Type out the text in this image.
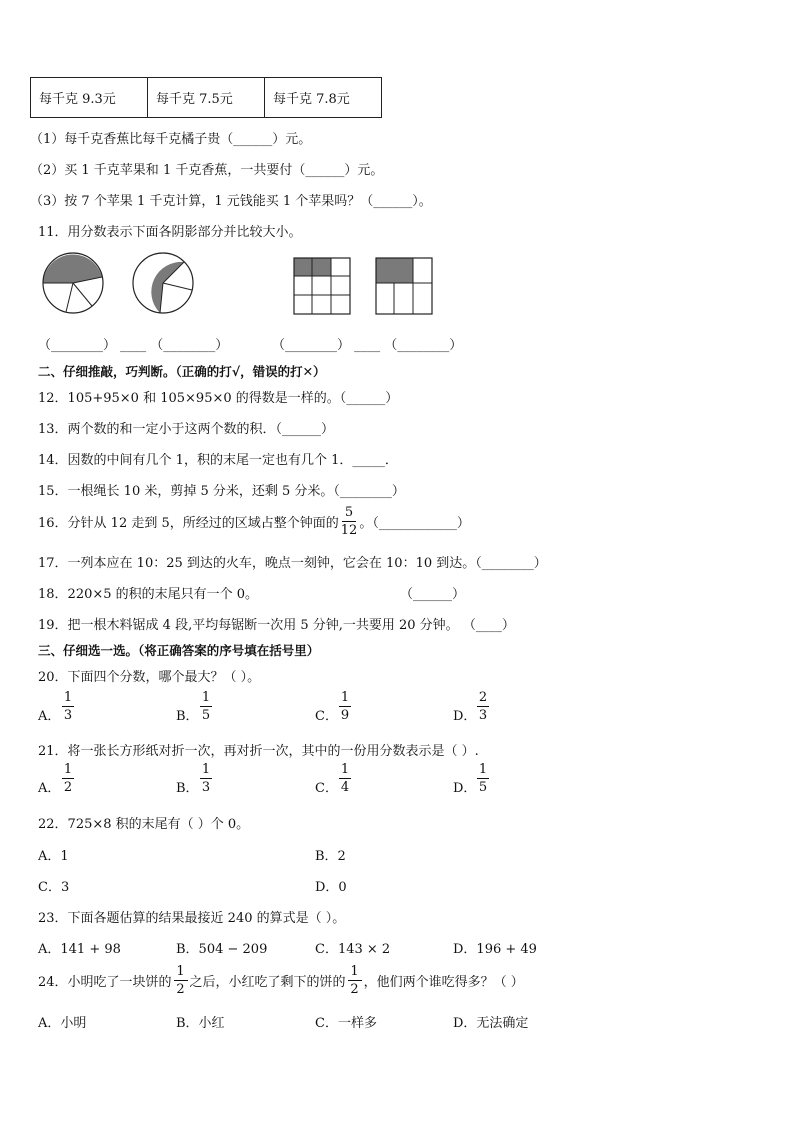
每千克 9.3元	每千克 7.5元	每千克 7.8元
（1）每千克香蕉比每千克橘子贵（______）元。
（2）买 1 千克苹果和 1 千克香蕉，一共要付（______）元。
（3）按 7 个苹果 1 千克计算，1 元钱能买 1 个苹果吗？（______）。
11．用分数表示下面各阴影部分并比较大小。
（________） ____ （________）	（________） ____ （________）
二、仔细推敲，巧判断。（正确的打√，错误的打✕）
12．105+95×0 和 105×95×0 的得数是一样的。（______）
13．两个数的和一定小于这两个数的积．（______）
14．因数的中间有几个 1，积的末尾一定也有几个 1．_____．
15．一根绳长 10 米，剪掉 5 分米，还剩 5 分米。（________）
16．分针从 12 走到 5，所经过的区域占整个钟面的 $\frac{5}{12}$ 。（____________）
17．一列本应在 10：25 到达的火车，晚点一刻钟，它会在 10：10 到达。（________）
18．220×5 的积的末尾只有一个 0。	（______）
19．把一根木料锯成 4 段,平均每锯断一次用 5 分钟,一共要用 20 分钟。 （____）
三、仔细选一选。（将正确答案的序号填在括号里）
20．下面四个分数，哪个最大？（ ）。
A．
1
3	B．
1
5	C．
1
9	D．
2
3
21．将一张长方形纸对折一次，再对折一次，其中的一份用分数表示是（ ）.
A．
1
2	B．
1
3	C．
1
4	D．
1
5
22．725×8 积的末尾有（ ）个 0。
A．1	B．2
C．3	D．0
23．下面各题估算的结果最接近 240 的算式是（ ）。
A．141 + 98	B．504 − 209	C．143 × 2	D．196 + 49
24．小明吃了一块饼的 $\frac{1}{2}$ 之后，小红吃了剩下的饼的 $\frac{1}{2}$ ，他们两个谁吃得多？（ ）
A．小明	B．小红	C．一样多	D．无法确定
